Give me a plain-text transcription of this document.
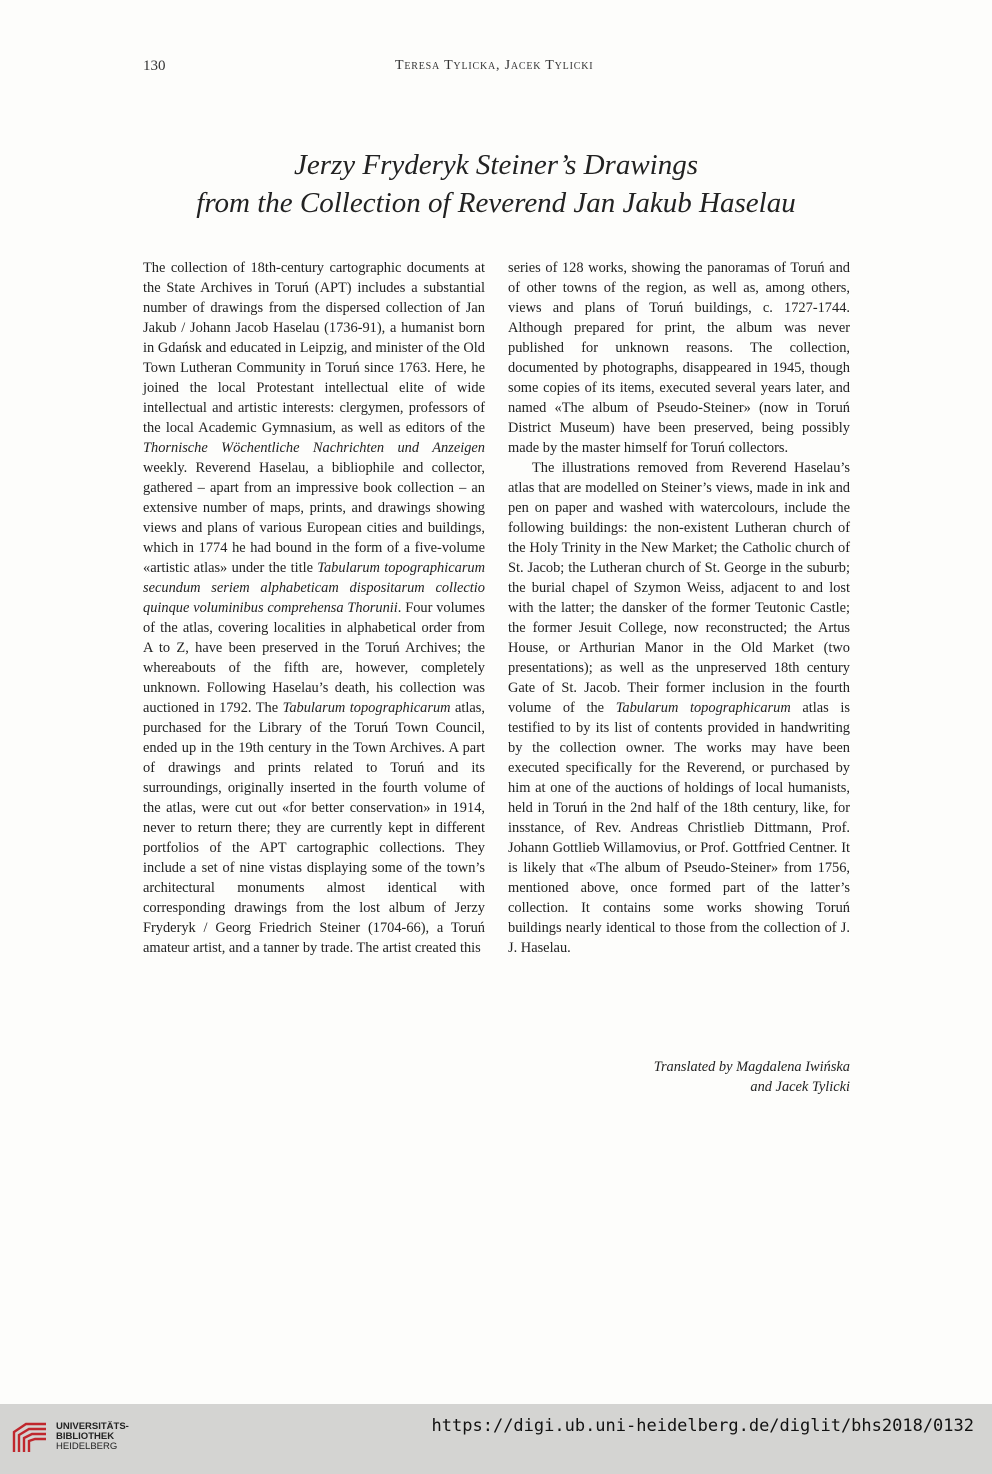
130	Teresa Tylicka, Jacek Tylicki
Jerzy Fryderyk Steiner’s Drawings
from the Collection of Reverend Jan Jakub Haselau

The collection of 18th-century cartographic documents at the State Archives in Toruń (APT) includes a substantial number of drawings from the dispersed collection of Jan Jakub / Johann Jacob Haselau (1736-91), a humanist born in Gdańsk and educated in Leipzig, and minister of the Old Town Lutheran Community in Toruń since 1763. Here, he joined the local Protestant intellectual elite of wide intellectual and artistic interests: clergymen, professors of the local Academic Gymnasium, as well as editors of the Thornische Wöchentliche Nachrichten und Anzeigen weekly. Reverend Haselau, a bibliophile and collector, gathered – apart from an impressive book collection – an extensive number of maps, prints, and drawings showing views and plans of various European cities and buildings, which in 1774 he had bound in the form of a five-volume «artistic atlas» under the title Tabularum topographicarum secundum seriem alphabeticam dispositarum collectio quinque voluminibus comprehensa Thorunii. Four volumes of the atlas, covering localities in alphabetical order from A to Z, have been preserved in the Toruń Archives; the whereabouts of the fifth are, however, completely unknown. Following Haselau’s death, his collection was auctioned in 1792. The Tabularum topographicarum atlas, purchased for the Library of the Toruń Town Council, ended up in the 19th century in the Town Archives. A part of drawings and prints related to Toruń and its surroundings, originally inserted in the fourth volume of the atlas, were cut out «for better conservation» in 1914, never to return there; they are currently kept in different portfolios of the APT cartographic collections. They include a set of nine vistas displaying some of the town’s architectural monuments almost identical with corresponding drawings from the lost album of Jerzy Fryderyk / Georg Friedrich Steiner (1704-66), a Toruń amateur artist, and a tanner by trade. The artist created this

series of 128 works, showing the panoramas of Toruń and of other towns of the region, as well as, among others, views and plans of Toruń buildings, c. 1727-1744. Although prepared for print, the album was never published for unknown reasons. The collection, documented by photographs, disappeared in 1945, though some copies of its items, executed several years later, and named «The album of Pseudo-Steiner» (now in Toruń District Museum) have been preserved, being possibly made by the master himself for Toruń collectors.

The illustrations removed from Reverend Haselau’s atlas that are modelled on Steiner’s views, made in ink and pen on paper and washed with watercolours, include the following buildings: the non-existent Lutheran church of the Holy Trinity in the New Market; the Catholic church of St. Jacob; the Lutheran church of St. George in the suburb; the burial chapel of Szymon Weiss, adjacent to and lost with the latter; the dansker of the former Teutonic Castle; the former Jesuit College, now reconstructed; the Artus House, or Arthurian Manor in the Old Market (two presentations); as well as the unpreserved 18th century Gate of St. Jacob. Their former inclusion in the fourth volume of the Tabularum topographicarum atlas is testified to by its list of contents provided in handwriting by the collection owner. The works may have been executed specifically for the Reverend, or purchased by him at one of the auctions of holdings of local humanists, held in Toruń in the 2nd half of the 18th century, like, for insstance, of Rev. Andreas Christlieb Dittmann, Prof. Johann Gottlieb Willamovius, or Prof. Gottfried Centner. It is likely that «The album of Pseudo-Steiner» from 1756, mentioned above, once formed part of the latter’s collection. It contains some works showing Toruń buildings nearly identical to those from the collection of J. J. Haselau.

Translated by Magdalena Iwińska
and Jacek Tylicki
UNIVERSITÄTS-
BIBLIOTHEK
HEIDELBERG
https://digi.ub.uni-heidelberg.de/diglit/bhs2018/0132
